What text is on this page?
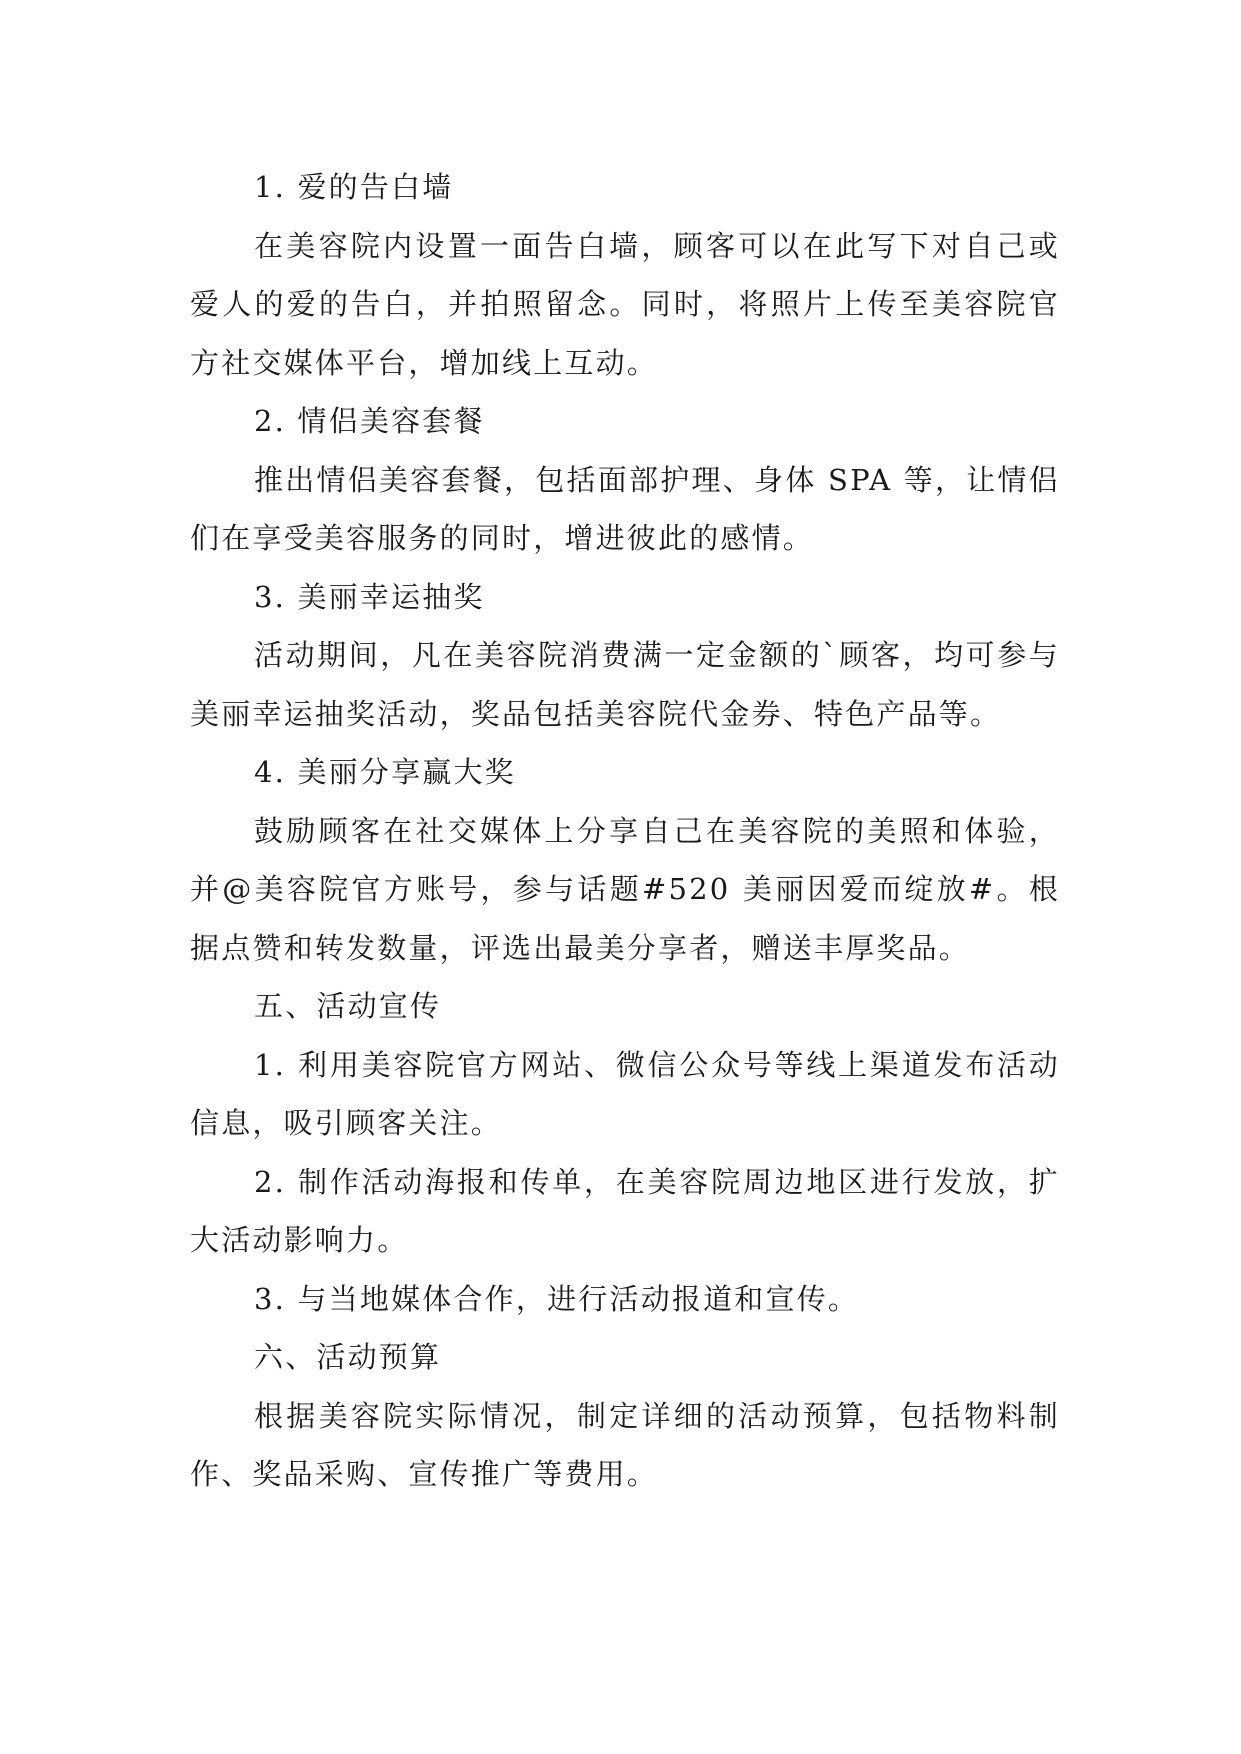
1. 爱的告白墙

在美容院内设置一面告白墙，顾客可以在此写下对自己或爱人的爱的告白，并拍照留念。同时，将照片上传至美容院官方社交媒体平台，增加线上互动。

2. 情侣美容套餐

推出情侣美容套餐，包括面部护理、身体 SPA 等，让情侣们在享受美容服务的同时，增进彼此的感情。

3. 美丽幸运抽奖

活动期间，凡在美容院消费满一定金额的`顾客，均可参与美丽幸运抽奖活动，奖品包括美容院代金券、特色产品等。

4. 美丽分享赢大奖

鼓励顾客在社交媒体上分享自己在美容院的美照和体验，并@美容院官方账号，参与话题#520 美丽因爱而绽放#。根据点赞和转发数量，评选出最美分享者，赠送丰厚奖品。

五、活动宣传

1. 利用美容院官方网站、微信公众号等线上渠道发布活动信息，吸引顾客关注。

2. 制作活动海报和传单，在美容院周边地区进行发放，扩大活动影响力。

3. 与当地媒体合作，进行活动报道和宣传。

六、活动预算

根据美容院实际情况，制定详细的活动预算，包括物料制作、奖品采购、宣传推广等费用。
